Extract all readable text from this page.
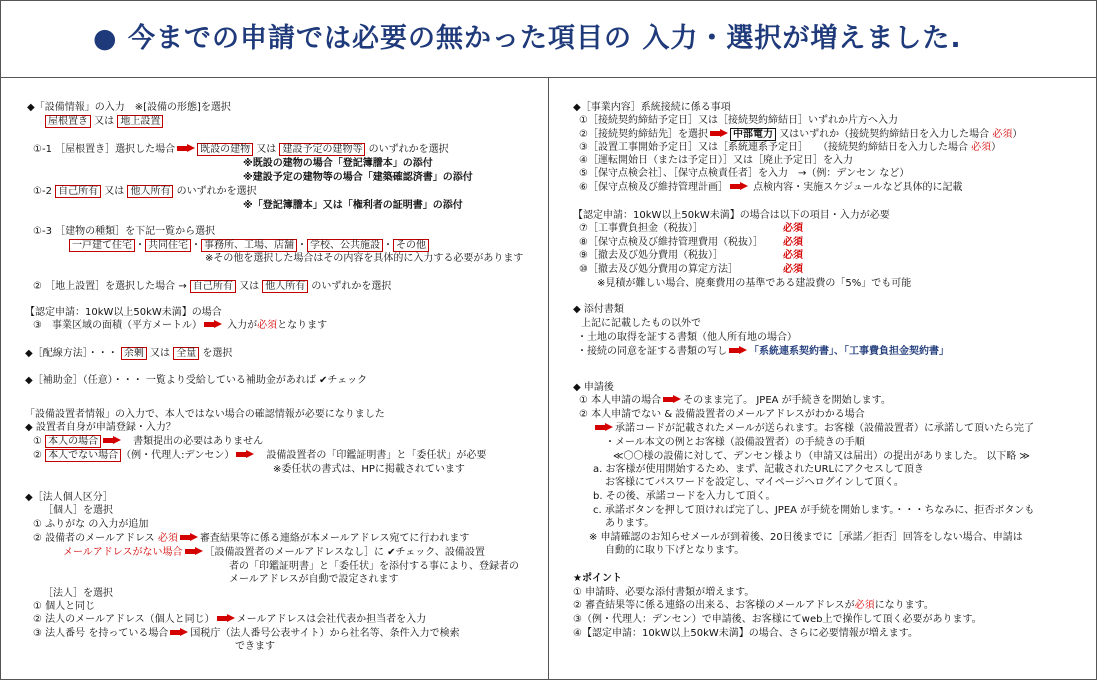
● 今までの申請では必要の無かった項目の 入力・選択が増えました.
◆「設備情報」の入力　※[設備の形態]を選択
屋根置き 又は 地上設置
①-1 ［屋根置き］選択した場合	既設の建物 又は 建設予定の建物等 のいずれかを選択
※既設の建物の場合「登記簿謄本」の添付
※建設予定の建物等の場合「建築確認済書」の添付
①-2 自己所有 又は 他人所有 のいずれかを選択
※「登記簿謄本」又は「権利者の証明書」の添付
①-3 ［建物の種類］を下記一覧から選択
一戸建て住宅 ・ 共同住宅 ・ 事務所、工場、店舗 ・ 学校、公共施設 ・ その他
※その他を選択した場合はその内容を具体的に入力する必要があります
② ［地上設置］を選択した場合 → 自己所有 又は 他人所有 のいずれかを選択
【認定申請：10kW以上50kW未満】の場合
③　事業区域の面積（平方メートル） 入力が必須となります
◆［配線方法］・・・ 余剰 又は 全量 を選択
◆［補助金］（任意）・・・ 一覧より受給している補助金があれば ✔チェック
「設備設置者情報」の入力で、本人ではない場合の確認情報が必要になりました
◆ 設置者自身が申請登録・入力？
① 本人の場合	　書類提出の必要はありません
② 本人でない場合 （例・代理人:デンセン）　設備設置者の「印鑑証明書」と「委任状」が必要
※委任状の書式は、HPに掲載されています
◆［法人個人区分］
［個人］を選択
① ふりがな の入力が追加
② 設備者のメールアドレス 必須 審査結果等に係る連絡が本メールアドレス宛てに行われます
メールアドレスがない場合 ［設備設置者のメールアドレスなし］に ✔チェック、設備設置
者の「印鑑証明書」と「委任状」を添付する事により、登録者の
メールアドレスが自動で設定されます
［法人］を選択
① 個人と同じ
② 法人のメールアドレス（個人と同じ） メールアドレスは会社代表か担当者を入力
③ 法人番号 を持っている場合 国税庁（法人番号公表サイト）から社名等、条件入力で検索
できます
◆［事業内容］系統接続に係る事項
①［接続契約締結予定日］又は［接続契約締結日］いずれか片方へ入力
②［接続契約締結先］を選択	中部電力 又はいずれか（接続契約締結日を入力した場合 必須）
③［設置工事開始予定日］又は［系統連系予定日］　　（接続契約締結日を入力した場合 必須）
④［運転開始日（または予定日）］又は［廃止予定日］を入力
⑤［保守点検会社］、［保守点検責任者］を入力　→（例：デンセン など）
⑥［保守点検及び維持管理計画］ 点検内容・実施スケジュールなど具体的に記載
【認定申請：10kW以上50kW未満】の場合は以下の項目・入力が必要
⑦［工事費負担金（税抜）］	必須
⑧［保守点検及び維持管理費用（税抜）］ 必須
⑨［撤去及び処分費用（税抜）］	必須
⑩［撤去及び処分費用の算定方法］	必須
※見積が難しい場合、廃棄費用の基準である建設費の「5%」でも可能
◆ 添付書類
上記に記載したもの以外で
・土地の取得を証する書類（他人所有地の場合）
・接続の同意を証する書類の写し 「系統連系契約書」、「工事費負担金契約書」
◆ 申請後
① 本人申請の場合 そのまま完了。 JPEA が手続きを開始します。
② 本人申請でない & 設備設置者のメールアドレスがわかる場合
承諾コードが記載されたメールが送られます。お客様（設備設置者）に承諾して頂いたら完了
・メール本文の例とお客様（設備設置者）の手続きの手順
≪〇〇様の設備に対して、デンセン様より（申請又は届出）の提出がありました。 以下略 ≫
a. お客様が使用開始するため、まず、記載されたURLにアクセスして頂き
お客様にてパスワードを設定し、マイページへログインして頂く。
b. その後、承諾コードを入力して頂く。
c. 承諾ボタンを押して頂ければ完了し、JPEA が手続を開始します。・・・ちなみに、拒否ボタンも
あります。
※ 申請確認のお知らせメールが到着後、20日後までに［承諾／拒否］回答をしない場合、申請は
自動的に取り下げとなります。
★ポイント
① 申請時、必要な添付書類が増えます。
② 審査結果等に係る連絡の出来る、お客様のメールアドレスが必須になります。
③（例・代理人：デンセン）で申請後、お客様にてweb上で操作して頂く必要があります。
④【認定申請：10kW以上50kW未満】の場合、さらに必要情報が増えます。
